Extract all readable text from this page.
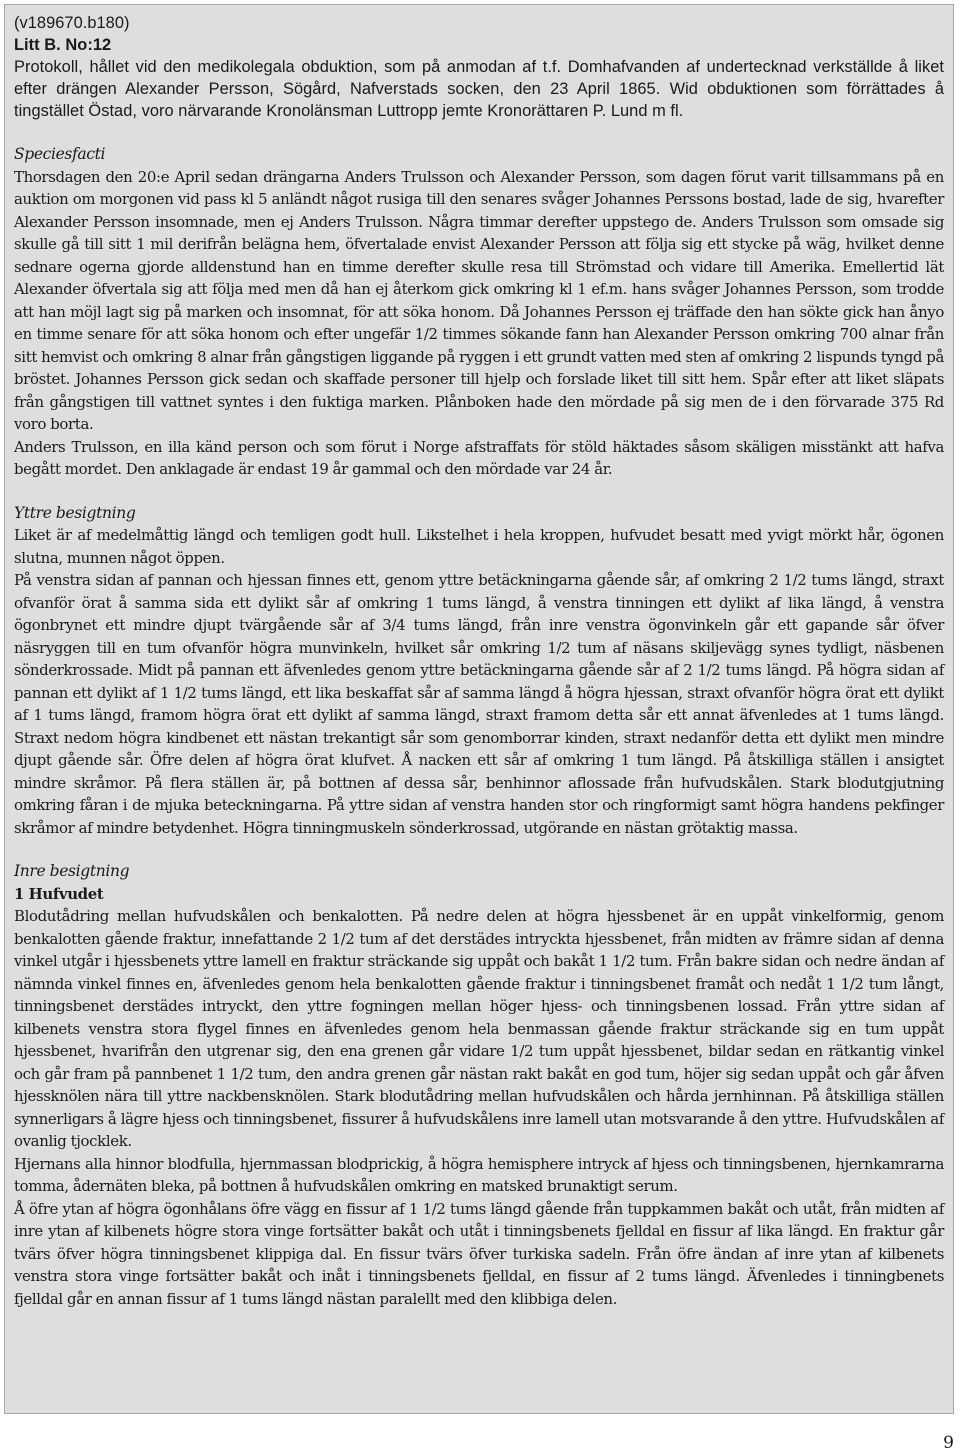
(v189670.b180)
Litt B. No:12

Protokoll, hållet vid den medikolegala obduktion, som på anmodan af t.f. Domhafvanden af undertecknad verkställde å liket efter drängen Alexander Persson, Sögård, Nafverstads socken, den 23 April 1865. Wid obduktionen som förrättades å tingstället Östad, voro närvarande Kronolänsman Luttropp jemte Kronorättaren P. Lund m fl.

Speciesfacti

Thorsdagen den 20:e April sedan drängarna Anders Trulsson och Alexander Persson, som dagen förut varit tillsammans på en auktion om morgonen vid pass kl 5 anländt något rusiga till den senares svåger Johannes Perssons bostad, lade de sig, hvarefter Alexander Persson insomnade, men ej Anders Trulsson. Några timmar derefter uppstego de. Anders Trulsson som omsade sig skulle gå till sitt 1 mil derifrån belägna hem, öfvertalade envist Alexander Persson att följa sig ett stycke på wäg, hvilket denne sednare ogerna gjorde alldenstund han en timme derefter skulle resa till Strömstad och vidare till Amerika. Emellertid lät Alexander öfvertala sig att följa med men då han ej återkom gick omkring kl 1 ef.m. hans svåger Johannes Persson, som trodde att han möjl lagt sig på marken och insomnat, för att söka honom. Då Johannes Persson ej träffade den han sökte gick han ånyo en timme senare för att söka honom och efter ungefär 1/2 timmes sökande fann han Alexander Persson omkring 700 alnar från sitt hemvist och omkring 8 alnar från gångstigen liggande på ryggen i ett grundt vatten med sten af omkring 2 lispunds tyngd på bröstet. Johannes Persson gick sedan och skaffade personer till hjelp och forslade liket till sitt hem. Spår efter att liket släpats från gångstigen till vattnet syntes i den fuktiga marken. Plånboken hade den mördade på sig men de i den förvarade 375 Rd voro borta.

Anders Trulsson, en illa känd person och som förut i Norge afstraffats för stöld häktades såsom skäligen misstänkt att hafva begått mordet. Den anklagade är endast 19 år gammal och den mördade var 24 år.

Yttre besigtning

Liket är af medelmåttig längd och temligen godt hull. Likstelhet i hela kroppen, hufvudet besatt med yvigt mörkt hår, ögonen slutna, munnen något öppen.

På venstra sidan af pannan och hjessan finnes ett, genom yttre betäckningarna gående sår, af omkring 2 1/2 tums längd, straxt ofvanför örat å samma sida ett dylikt sår af omkring 1 tums längd, å venstra tinningen ett dylikt af lika längd, å venstra ögonbrynet ett mindre djupt tvärgående sår af 3/4 tums längd, från inre venstra ögonvinkeln går ett gapande sår öfver näsryggen till en tum ofvanför högra munvinkeln, hvilket sår omkring 1/2 tum af näsans skiljevägg synes tydligt, näsbenen sönderkrossade. Midt på pannan ett äfvenledes genom yttre betäckningarna gående sår af 2 1/2 tums längd. På högra sidan af pannan ett dylikt af 1 1/2 tums längd, ett lika beskaffat sår af samma längd å högra hjessan, straxt ofvanför högra örat ett dylikt af 1 tums längd, framom högra örat ett dylikt af samma längd, straxt framom detta sår ett annat äfvenledes at 1 tums längd. Straxt nedom högra kindbenet ett nästan trekantigt sår som genomborrar kinden, straxt nedanför detta ett dylikt men mindre djupt gående sår. Öfre delen af högra örat klufvet. Å nacken ett sår af omkring 1 tum längd. På åtskilliga ställen i ansigtet mindre skråmor. På flera ställen är, på bottnen af dessa sår, benhinnor aflossade från hufvudskålen. Stark blodutgjutning omkring fåran i de mjuka beteckningarna. På yttre sidan af venstra handen stor och ringformigt samt högra handens pekfinger skråmor af mindre betydenhet. Högra tinningmuskeln sönderkrossad, utgörande en nästan grötaktig massa.

Inre besigtning
1 Hufvudet

Blodutådring mellan hufvudskålen och benkalotten. På nedre delen at högra hjessbenet är en uppåt vinkelformig, genom benkalotten gående fraktur, innefattande 2 1/2 tum af det derstädes intryckta hjessbenet, från midten av främre sidan af denna vinkel utgår i hjessbenets yttre lamell en fraktur sträckande sig uppåt och bakåt 1 1/2 tum. Från bakre sidan och nedre ändan af nämnda vinkel finnes en, äfvenledes genom hela benkalotten gående fraktur i tinningsbenet framåt och nedåt 1 1/2 tum långt, tinningsbenet derstädes intryckt, den yttre fogningen mellan höger hjess- och tinningsbenen lossad. Från yttre sidan af kilbenets venstra stora flygel finnes en äfvenledes genom hela benmassan gående fraktur sträckande sig en tum uppåt hjessbenet, hvarifrån den utgrenar sig, den ena grenen går vidare 1/2 tum uppåt hjessbenet, bildar sedan en rätkantig vinkel och går fram på pannbenet 1 1/2 tum, den andra grenen går nästan rakt bakåt en god tum, höjer sig sedan uppåt och går åfven hjessknölen nära till yttre nackbensknölen. Stark blodutådring mellan hufvudskålen och hårda jernhinnan. På åtskilliga ställen synnerligars å lägre hjess och tinningsbenet, fissurer å hufvudskålens inre lamell utan motsvarande å den yttre. Hufvudskålen af ovanlig tjocklek.

Hjernans alla hinnor blodfulla, hjernmassan blodprickig, å högra hemisphere intryck af hjess och tinningsbenen, hjernkamrarna tomma, ådernäten bleka, på bottnen å hufvudskålen omkring en matsked brunaktigt serum.

Å öfre ytan af högra ögonhålans öfre vägg en fissur af 1 1/2 tums längd gående från tuppkammen bakåt och utåt, från midten af inre ytan af kilbenets högre stora vinge fortsätter bakåt och utåt i tinningsbenets fjelldal en fissur af lika längd. En fraktur går tvärs öfver högra tinningsbenet klippiga dal. En fissur tvärs öfver turkiska sadeln. Från öfre ändan af inre ytan af kilbenets venstra stora vinge fortsätter bakåt och inåt i tinningsbenets fjelldal, en fissur af 2 tums längd. Äfvenledes i tinningbenets fjelldal går en annan fissur af 1 tums längd nästan paralellt med den klibbiga delen.

9
